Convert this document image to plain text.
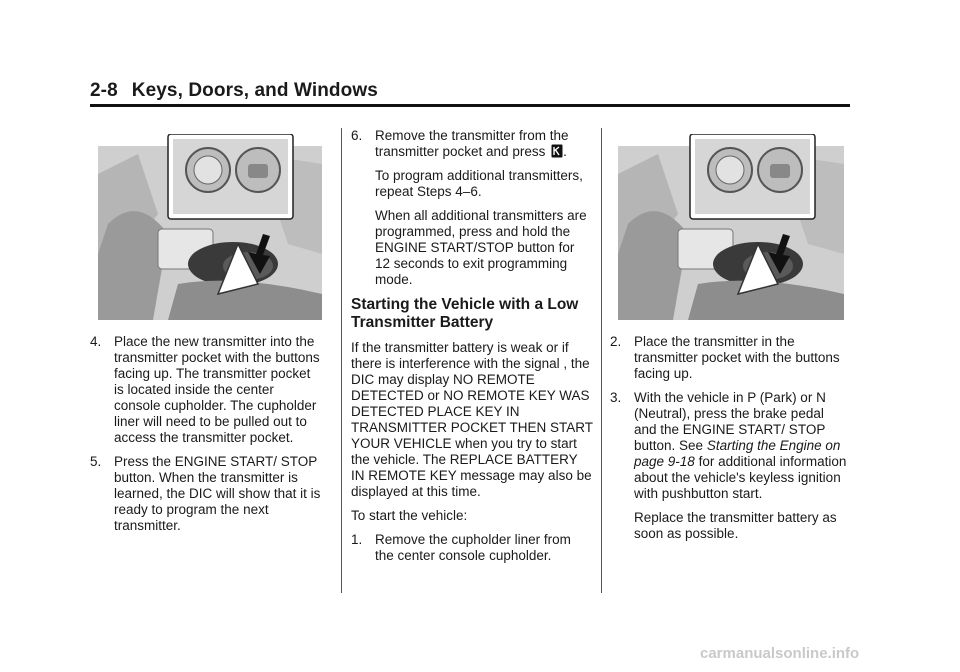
2-8 Keys, Doors, and Windows
4. Place the new transmitter into the transmitter pocket with the buttons facing up. The transmitter pocket is located inside the center console cupholder. The cupholder liner will need to be pulled out to access the transmitter pocket.
5. Press the ENGINE START/ STOP button. When the transmitter is learned, the DIC will show that it is ready to program the next transmitter.
6. Remove the transmitter from the transmitter pocket and press .

To program additional transmitters, repeat Steps 4–6.

When all additional transmitters are programmed, press and hold the ENGINE START/STOP button for 12 seconds to exit programming mode.

Starting the Vehicle with a Low Transmitter Battery

If the transmitter battery is weak or if there is interference with the signal , the DIC may display NO REMOTE DETECTED or NO REMOTE KEY WAS DETECTED PLACE KEY IN TRANSMITTER POCKET THEN START YOUR VEHICLE when you try to start the vehicle. The REPLACE BATTERY IN REMOTE KEY message may also be displayed at this time.

To start the vehicle:

1. Remove the cupholder liner from the center console cupholder.
2. Place the transmitter in the transmitter pocket with the buttons facing up.
3. With the vehicle in P (Park) or N (Neutral), press the brake pedal and the ENGINE START/ STOP button. See Starting the Engine on page 9-18 for additional information about the vehicle's keyless ignition with pushbutton start.

Replace the transmitter battery as soon as possible.

carmanualsonline.info
